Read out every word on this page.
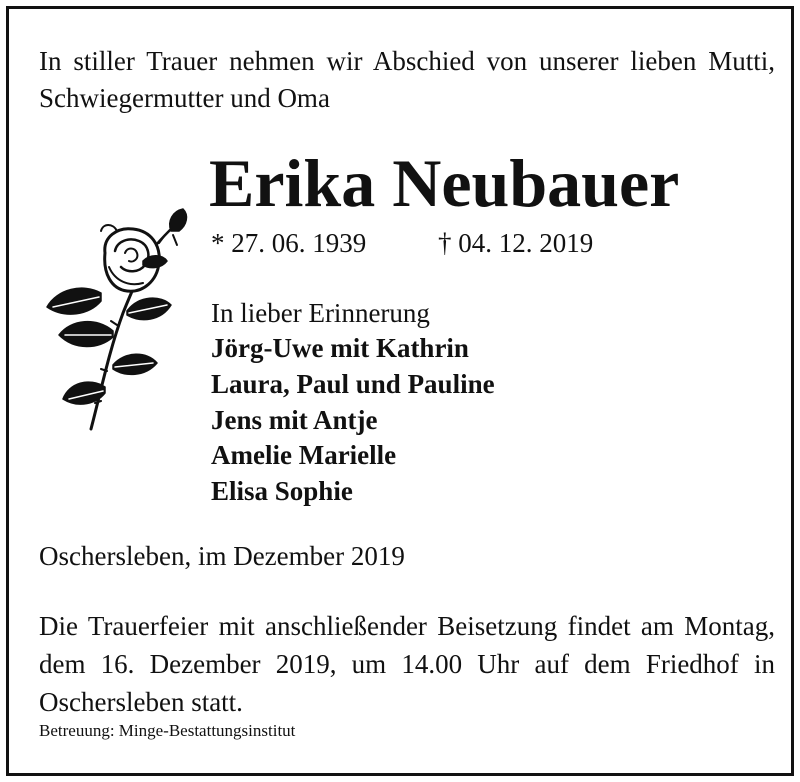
In stiller Trauer nehmen wir Abschied von unserer lieben Mutti, Schwiegermutter und Oma
Erika Neubauer
* 27. 06. 1939	† 04. 12. 2019
In lieber Erinnerung
Jörg-Uwe mit Kathrin
Laura, Paul und Pauline
Jens mit Antje
Amelie Marielle
Elisa Sophie
Oschersleben, im Dezember 2019
Die Trauerfeier mit anschließender Beisetzung findet am Montag, dem 16. Dezember 2019, um 14.00 Uhr auf dem Friedhof in Oschersleben statt.
Betreuung: Minge-Bestattungsinstitut
